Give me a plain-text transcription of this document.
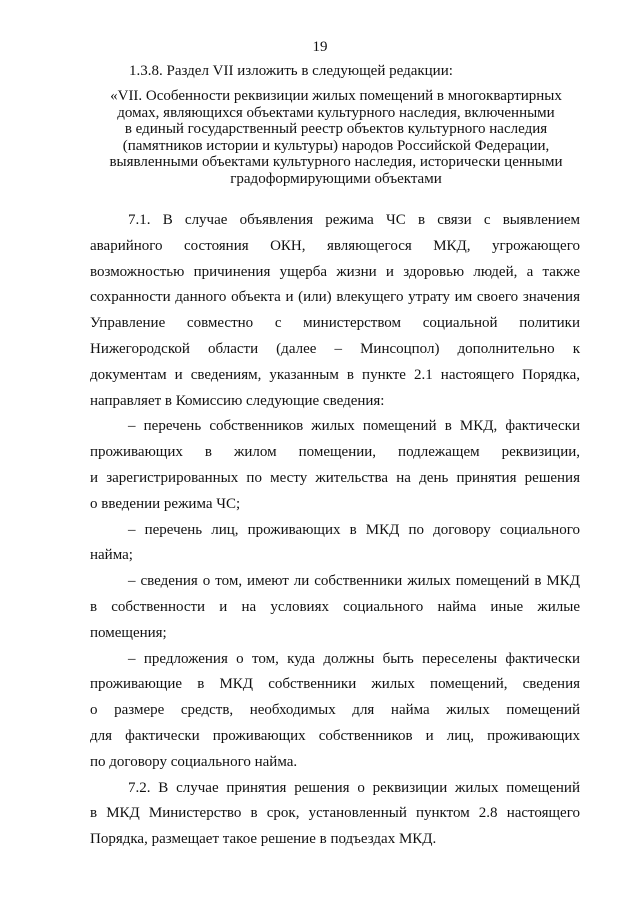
19
1.3.8. Раздел VII изложить в следующей редакции:
«VII. Особенности реквизиции жилых помещений в многоквартирных
домах, являющихся объектами культурного наследия, включенными
в единый государственный реестр объектов культурного наследия
(памятников истории и культуры) народов Российской Федерации,
выявленными объектами культурного наследия, исторически ценными
градоформирующими объектами
7.1. В случае объявления режима ЧС в связи с выявлением
аварийного состояния ОКН, являющегося МКД, угрожающего
возможностью причинения ущерба жизни и здоровью людей, а также
сохранности данного объекта и (или) влекущего утрату им своего значения
Управление совместно с министерством социальной политики
Нижегородской области (далее – Минсоцпол) дополнительно к
документам и сведениям, указанным в пункте 2.1 настоящего Порядка,
направляет в Комиссию следующие сведения:
– перечень собственников жилых помещений в МКД, фактически
проживающих в жилом помещении, подлежащем реквизиции,
и зарегистрированных по месту жительства на день принятия решения
о введении режима ЧС;
– перечень лиц, проживающих в МКД по договору социального
найма;
– сведения о том, имеют ли собственники жилых помещений в МКД
в собственности и на условиях социального найма иные жилые
помещения;
– предложения о том, куда должны быть переселены фактически
проживающие в МКД собственники жилых помещений, сведения
о размере средств, необходимых для найма жилых помещений
для фактически проживающих собственников и лиц, проживающих
по договору социального найма.
7.2. В случае принятия решения о реквизиции жилых помещений
в МКД Министерство в срок, установленный пунктом 2.8 настоящего
Порядка, размещает такое решение в подъездах МКД.
